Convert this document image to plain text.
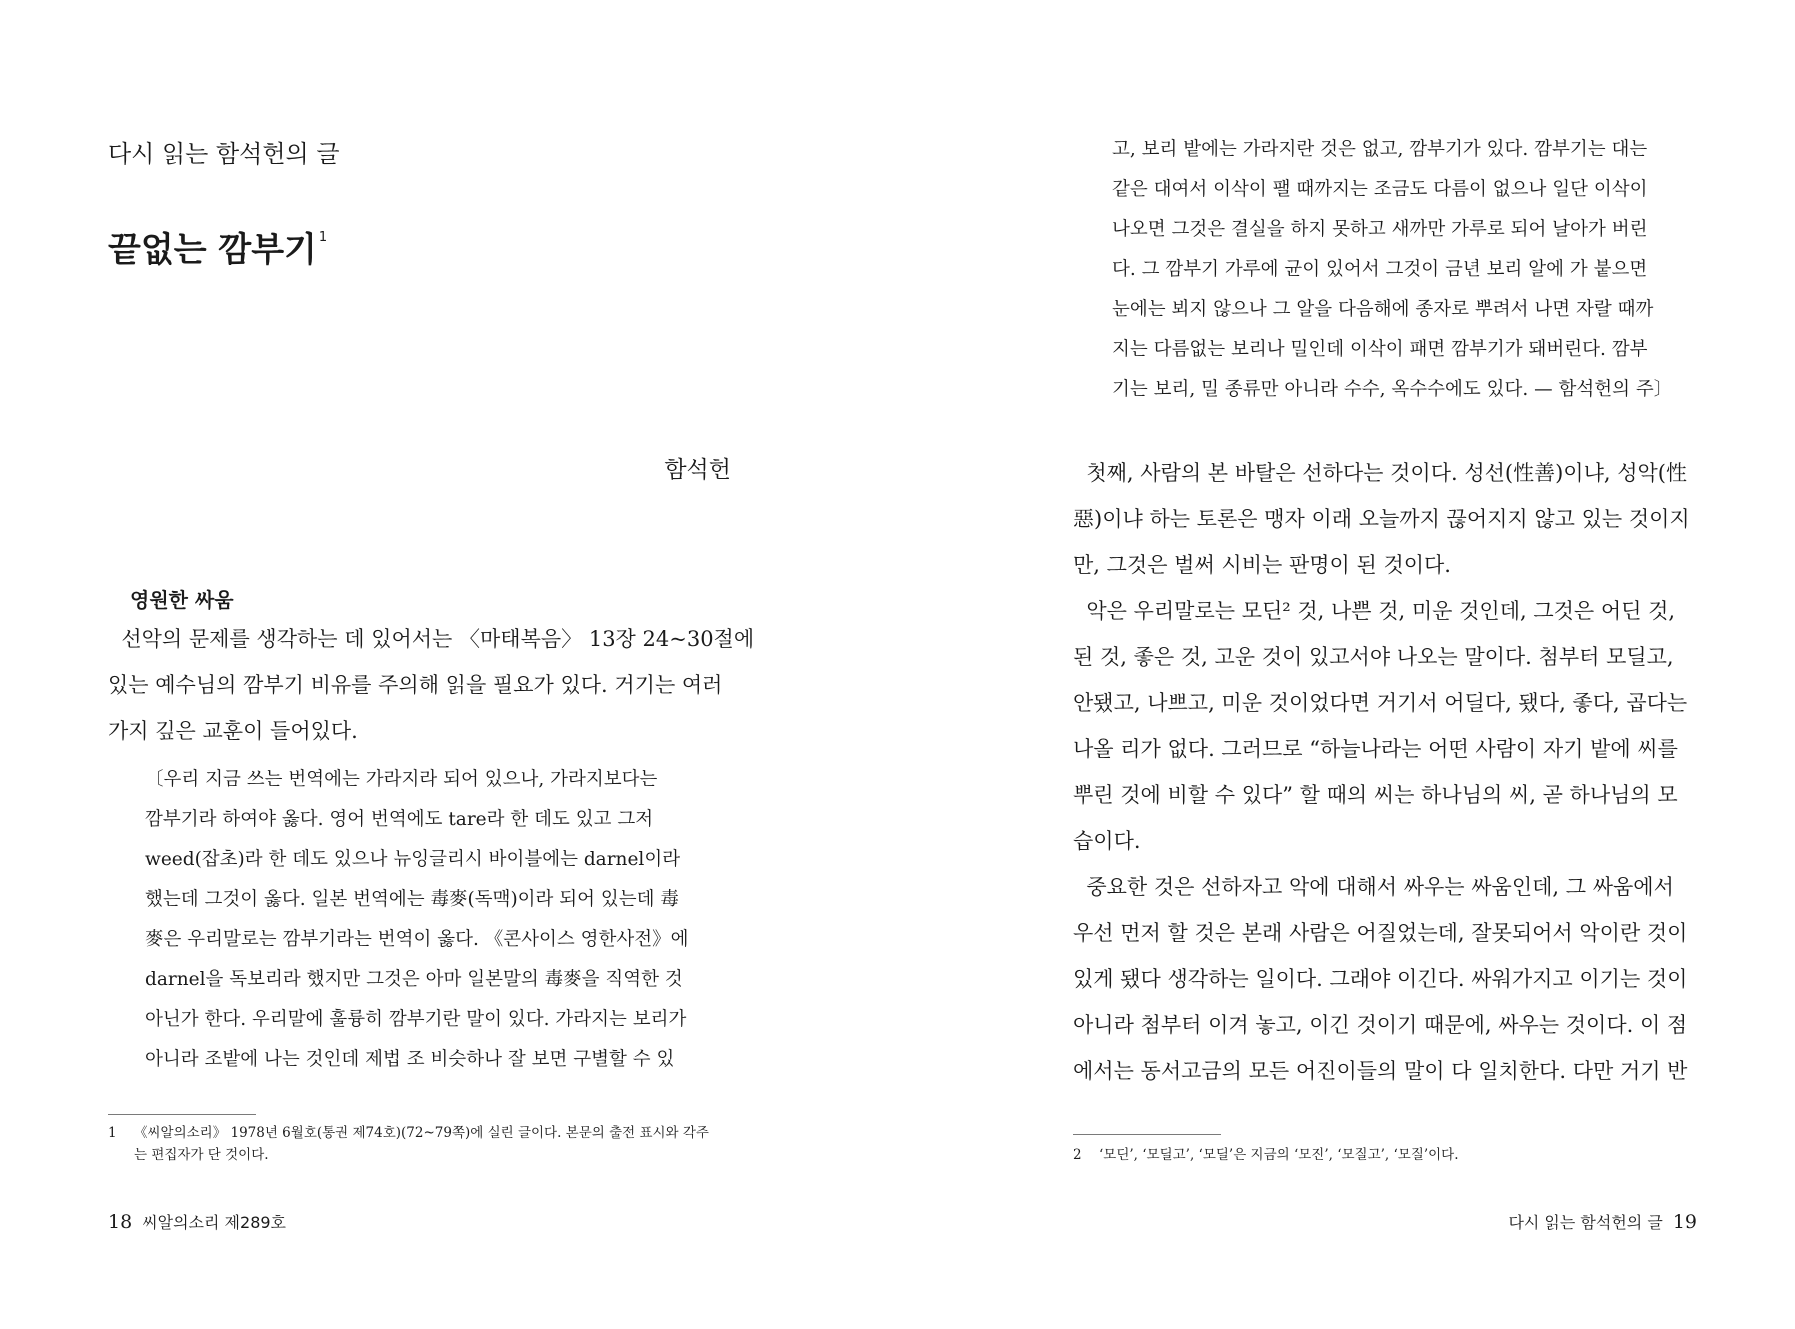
다시 읽는 함석헌의 글
끝없는 깜부기 $^1$
함석헌
영원한 싸움
선악의 문제를 생각하는 데 있어서는 〈마태복음〉 13장 24~30절에
있는 예수님의 깜부기 비유를 주의해 읽을 필요가 있다. 거기는 여러
가지 깊은 교훈이 들어있다.
〔우리 지금 쓰는 번역에는 가라지라 되어 있으나, 가라지보다는
깜부기라 하여야 옳다. 영어 번역에도 tare라 한 데도 있고 그저
weed(잡초)라 한 데도 있으나 뉴잉글리시 바이블에는 darnel이라
했는데 그것이 옳다. 일본 번역에는 毒麥(독맥)이라 되어 있는데 毒
麥은 우리말로는 깜부기라는 번역이 옳다. 《콘사이스 영한사전》에
darnel을 독보리라 했지만 그것은 아마 일본말의 毒麥을 직역한 것
아닌가 한다. 우리말에 훌륭히 깜부기란 말이 있다. 가라지는 보리가
아니라 조밭에 나는 것인데 제법 조 비슷하나 잘 보면 구별할 수 있
1 《씨알의소리》 1978년 6월호(통권 제74호)(72~79쪽)에 실린 글이다. 본문의 출전 표시와 각주
는 편집자가 단 것이다.
18 씨알의소리 제289호
고, 보리 밭에는 가라지란 것은 없고, 깜부기가 있다. 깜부기는 대는
같은 대여서 이삭이 팰 때까지는 조금도 다름이 없으나 일단 이삭이
나오면 그것은 결실을 하지 못하고 새까만 가루로 되어 날아가 버린
다. 그 깜부기 가루에 균이 있어서 그것이 금년 보리 알에 가 붙으면
눈에는 뵈지 않으나 그 알을 다음해에 종자로 뿌려서 나면 자랄 때까
지는 다름없는 보리나 밀인데 이삭이 패면 깜부기가 돼버린다. 깜부
기는 보리, 밀 종류만 아니라 수수, 옥수수에도 있다. — 함석헌의 주〕
첫째, 사람의 본 바탈은 선하다는 것이다. 성선(性善)이냐, 성악(性
惡)이냐 하는 토론은 맹자 이래 오늘까지 끊어지지 않고 있는 것이지
만, 그것은 벌써 시비는 판명이 된 것이다.
악은 우리말로는 모딘² 것, 나쁜 것, 미운 것인데, 그것은 어딘 것,
된 것, 좋은 것, 고운 것이 있고서야 나오는 말이다. 첨부터 모딜고,
안됐고, 나쁘고, 미운 것이었다면 거기서 어딜다, 됐다, 좋다, 곱다는
나올 리가 없다. 그러므로 “하늘나라는 어떤 사람이 자기 밭에 씨를
뿌린 것에 비할 수 있다” 할 때의 씨는 하나님의 씨, 곧 하나님의 모
습이다.
중요한 것은 선하자고 악에 대해서 싸우는 싸움인데, 그 싸움에서
우선 먼저 할 것은 본래 사람은 어질었는데, 잘못되어서 악이란 것이
있게 됐다 생각하는 일이다. 그래야 이긴다. 싸워가지고 이기는 것이
아니라 첨부터 이겨 놓고, 이긴 것이기 때문에, 싸우는 것이다. 이 점
에서는 동서고금의 모든 어진이들의 말이 다 일치한다. 다만 거기 반
2 ‘모딘’, ‘모딜고’, ‘모딜’은 지금의 ‘모진’, ‘모질고’, ‘모질’이다.
다시 읽는 함석헌의 글 19
